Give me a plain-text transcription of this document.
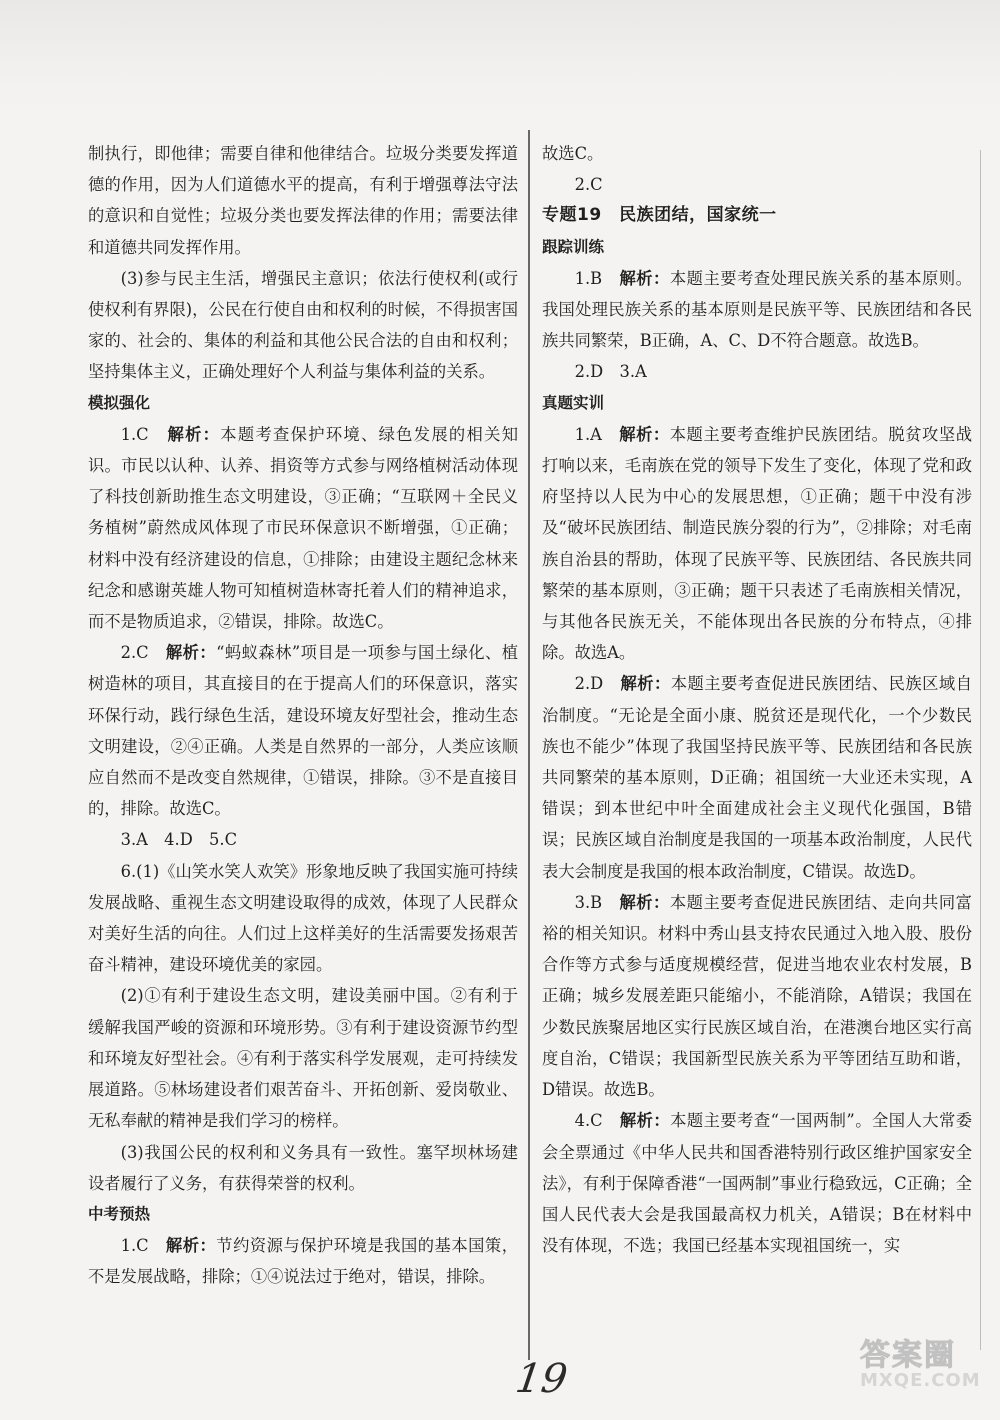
制执行，即他律；需要自律和他律结合。垃圾分类要发挥道德的作用，因为人们道德水平的提高，有利于增强尊法守法的意识和自觉性；垃圾分类也要发挥法律的作用；需要法律和道德共同发挥作用。

(3)参与民主生活，增强民主意识；依法行使权利(或行使权利有界限)，公民在行使自由和权利的时候，不得损害国家的、社会的、集体的利益和其他公民合法的自由和权利；坚持集体主义，正确处理好个人利益与集体利益的关系。

模拟强化

1.C　 解析：本题考查保护环境、绿色发展的相关知识。市民以认种、认养、捐资等方式参与网络植树活动体现了科技创新助推生态文明建设，③正确；“互联网＋全民义务植树”蔚然成风体现了市民环保意识不断增强，①正确；材料中没有经济建设的信息，①排除；由建设主题纪念林来纪念和感谢英雄人物可知植树造林寄托着人们的精神追求，而不是物质追求，②错误，排除。故选C。

2.C　 解析：“蚂蚁森林”项目是一项参与国土绿化、植树造林的项目，其直接目的在于提高人们的环保意识，落实环保行动，践行绿色生活，建设环境友好型社会，推动生态文明建设，②④正确。人类是自然界的一部分，人类应该顺应自然而不是改变自然规律，①错误，排除。③不是直接目的，排除。故选C。

3.A　4.D　5.C

6.(1)《山笑水笑人欢笑》形象地反映了我国实施可持续发展战略、重视生态文明建设取得的成效，体现了人民群众对美好生活的向往。人们过上这样美好的生活需要发扬艰苦奋斗精神，建设环境优美的家园。

(2)①有利于建设生态文明，建设美丽中国。②有利于缓解我国严峻的资源和环境形势。③有利于建设资源节约型和环境友好型社会。④有利于落实科学发展观，走可持续发展道路。⑤林场建设者们艰苦奋斗、开拓创新、爱岗敬业、无私奉献的精神是我们学习的榜样。

(3)我国公民的权利和义务具有一致性。塞罕坝林场建设者履行了义务，有获得荣誉的权利。

中考预热

1.C　 解析：节约资源与保护环境是我国的基本国策，不是发展战略，排除；①④说法过于绝对，错误，排除。

故选C。

2.C

专题19　民族团结，国家统一

跟踪训练

1.B　 解析：本题主要考查处理民族关系的基本原则。我国处理民族关系的基本原则是民族平等、民族团结和各民族共同繁荣，B正确，A、C、D不符合题意。故选B。

2.D　3.A

真题实训

1.A　 解析：本题主要考查维护民族团结。脱贫攻坚战打响以来，毛南族在党的领导下发生了变化，体现了党和政府坚持以人民为中心的发展思想，①正确；题干中没有涉及“破坏民族团结、制造民族分裂的行为”，②排除；对毛南族自治县的帮助，体现了民族平等、民族团结、各民族共同繁荣的基本原则，③正确；题干只表述了毛南族相关情况，与其他各民族无关，不能体现出各民族的分布特点，④排除。故选A。

2.D　 解析：本题主要考查促进民族团结、民族区域自治制度。“无论是全面小康、脱贫还是现代化，一个少数民族也不能少”体现了我国坚持民族平等、民族团结和各民族共同繁荣的基本原则，D正确；祖国统一大业还未实现，A错误；到本世纪中叶全面建成社会主义现代化强国，B错误；民族区域自治制度是我国的一项基本政治制度，人民代表大会制度是我国的根本政治制度，C错误。故选D。

3.B　 解析：本题主要考查促进民族团结、走向共同富裕的相关知识。材料中秀山县支持农民通过入地入股、股份合作等方式参与适度规模经营，促进当地农业农村发展，B正确；城乡发展差距只能缩小，不能消除，A错误；我国在少数民族聚居地区实行民族区域自治，在港澳台地区实行高度自治，C错误；我国新型民族关系为平等团结互助和谐，D错误。故选B。

4.C　 解析：本题主要考查“一国两制”。全国人大常委会全票通过《中华人民共和国香港特别行政区维护国家安全法》，有利于保障香港“一国两制”事业行稳致远，C正确；全国人民代表大会是我国最高权力机关，A错误；B在材料中没有体现，不选；我国已经基本实现祖国统一，实

19
答案圈
MXQE.COM
